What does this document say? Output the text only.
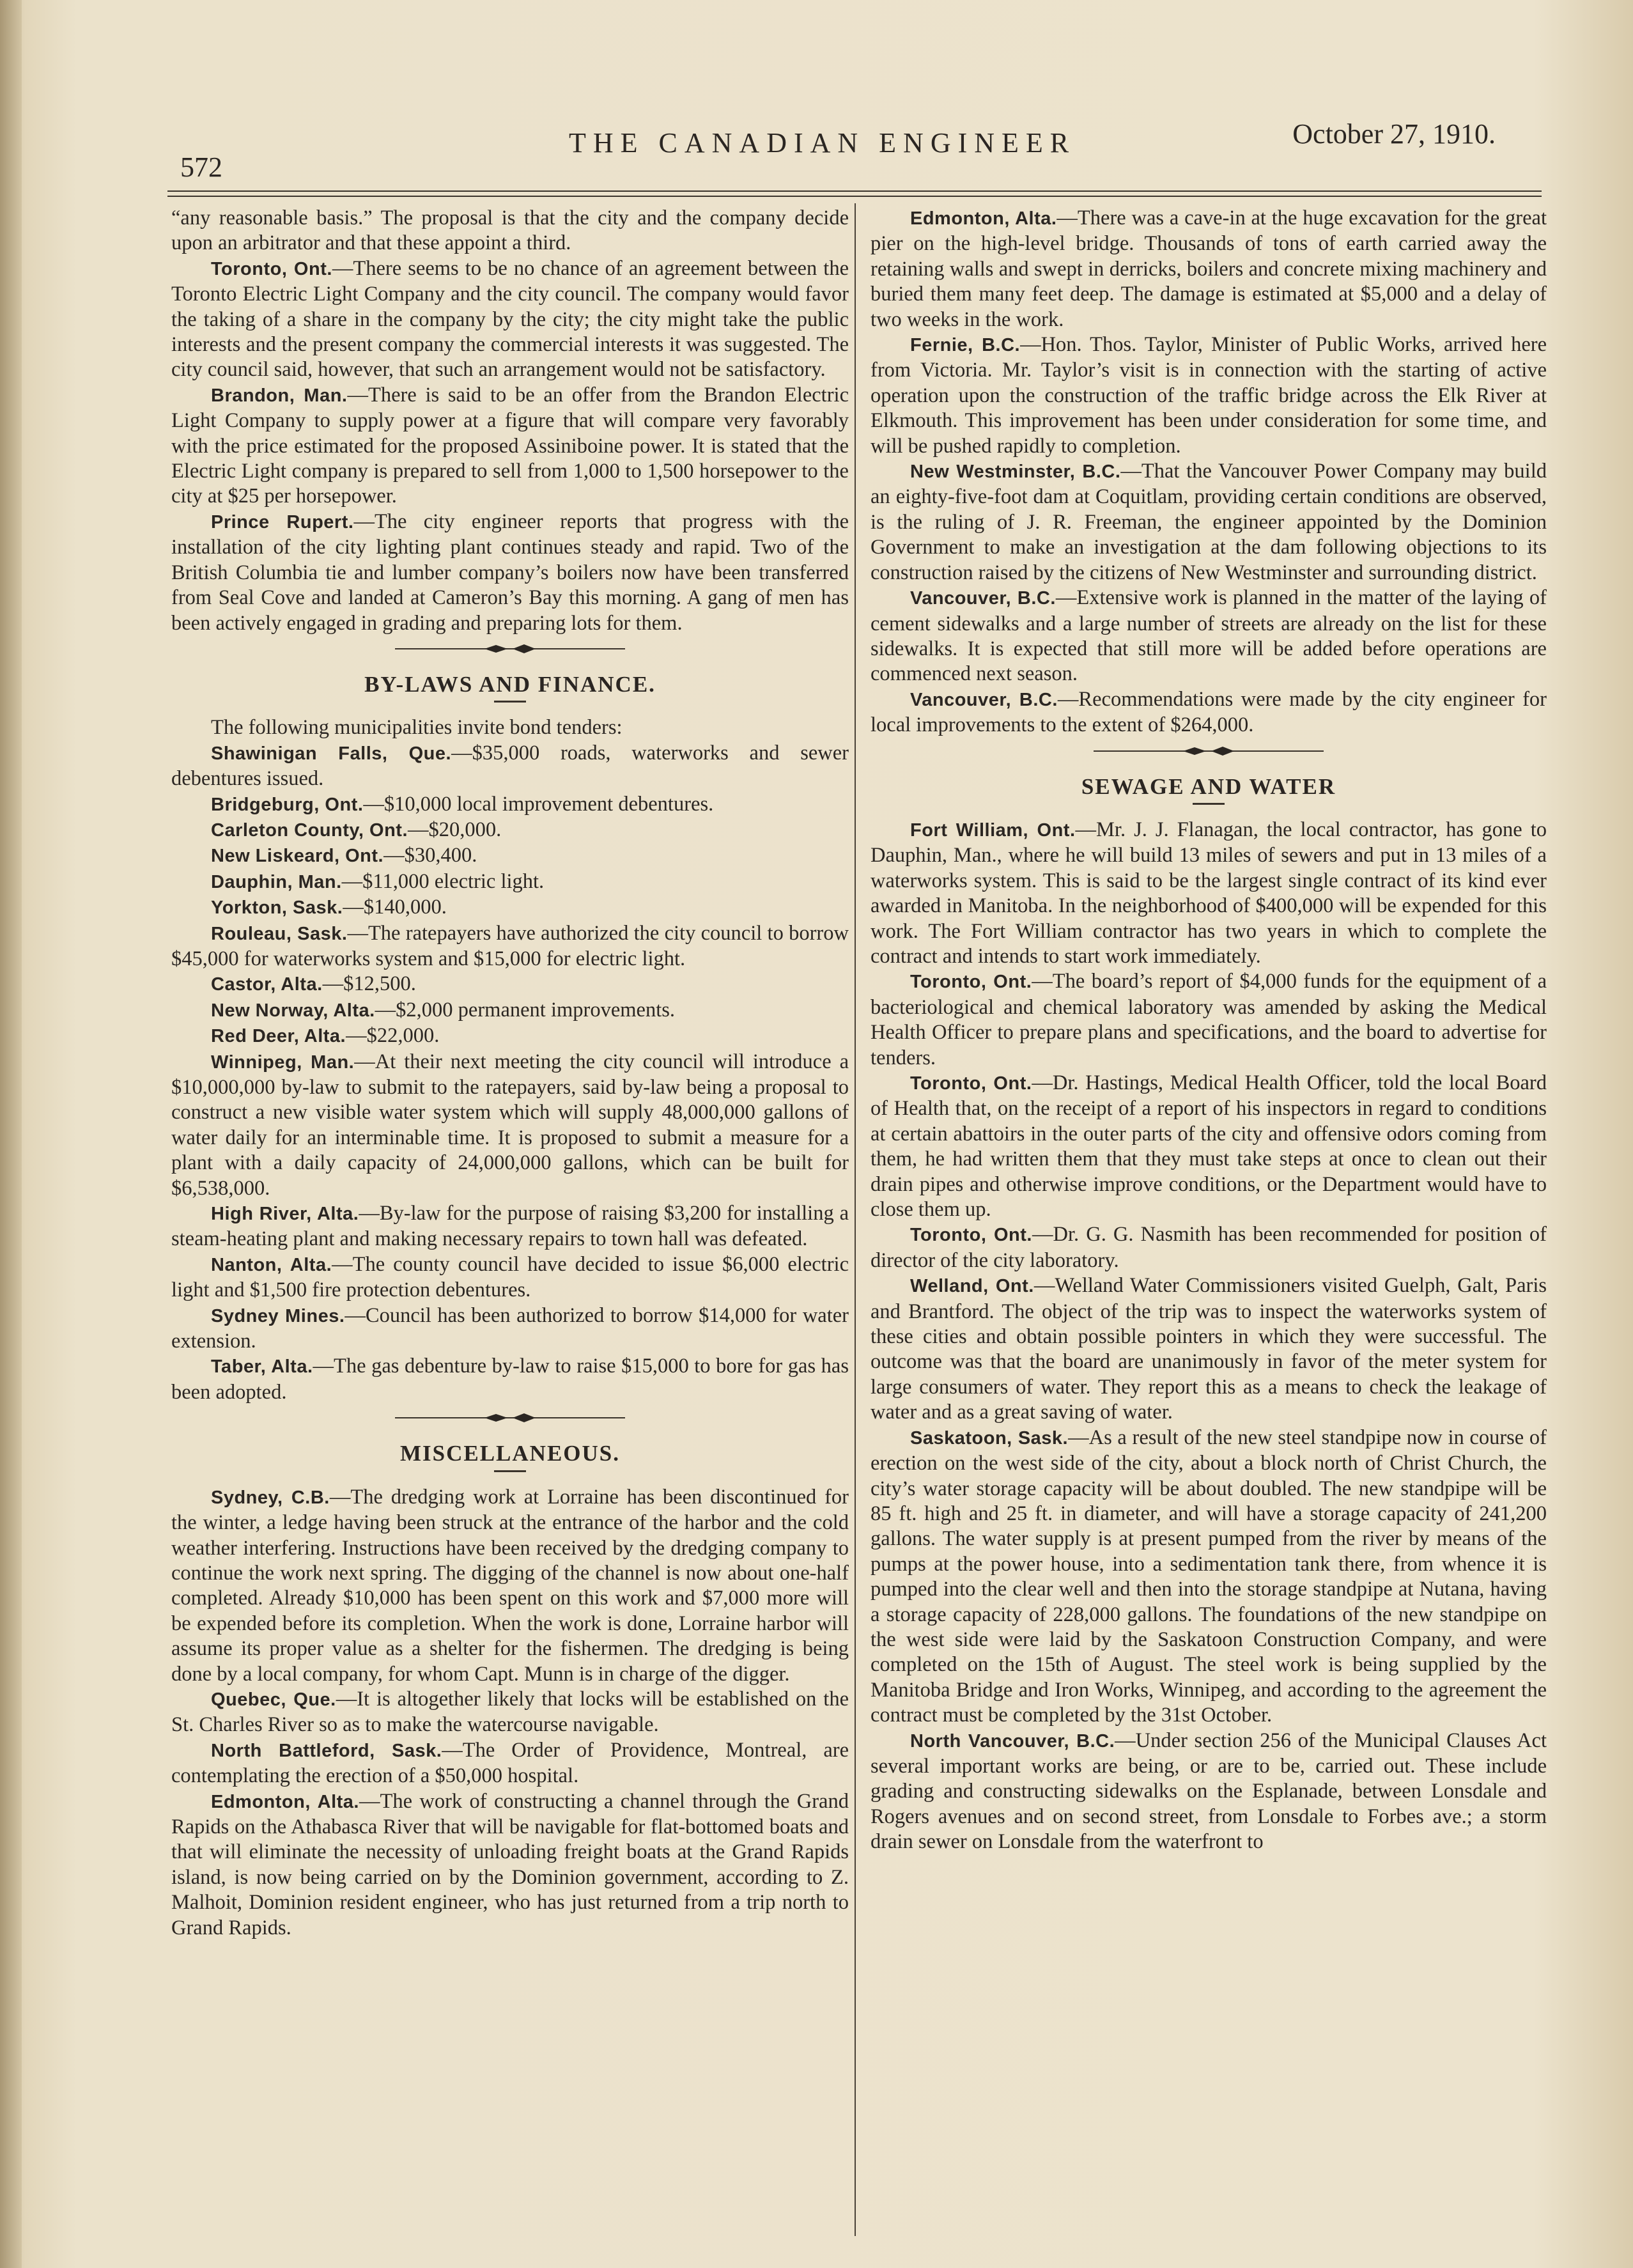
572
THE CANADIAN ENGINEER	October 27, 1910.

“any reasonable basis.” The proposal is that the city and the company decide upon an arbitrator and that these appoint a third.

Toronto, Ont.—There seems to be no chance of an agreement between the Toronto Electric Light Company and the city council. The company would favor the taking of a share in the company by the city; the city might take the public interests and the present company the commercial interests it was suggested. The city council said, however, that such an arrangement would not be satisfactory.

Brandon, Man.—There is said to be an offer from the Brandon Electric Light Company to supply power at a figure that will compare very favorably with the price estimated for the proposed Assiniboine power. It is stated that the Electric Light company is prepared to sell from 1,000 to 1,500 horsepower to the city at $25 per horsepower.

Prince Rupert.—The city engineer reports that progress with the installation of the city lighting plant continues steady and rapid. Two of the British Columbia tie and lumber company’s boilers now have been transferred from Seal Cove and landed at Cameron’s Bay this morning. A gang of men has been actively engaged in grading and preparing lots for them.

BY-LAWS AND FINANCE.

The following municipalities invite bond tenders:

Shawinigan Falls, Que.—$35,000 roads, waterworks and sewer debentures issued.

Bridgeburg, Ont.—$10,000 local improvement debentures.

Carleton County, Ont.—$20,000.

New Liskeard, Ont.—$30,400.

Dauphin, Man.—$11,000 electric light.

Yorkton, Sask.—$140,000.

Rouleau, Sask.—The ratepayers have authorized the city council to borrow $45,000 for waterworks system and $15,000 for electric light.

Castor, Alta.—$12,500.

New Norway, Alta.—$2,000 permanent improvements.

Red Deer, Alta.—$22,000.

Winnipeg, Man.—At their next meeting the city council will introduce a $10,000,000 by-law to submit to the ratepayers, said by-law being a proposal to construct a new visible water system which will supply 48,000,000 gallons of water daily for an interminable time. It is proposed to submit a measure for a plant with a daily capacity of 24,000,000 gallons, which can be built for $6,538,000.

High River, Alta.—By-law for the purpose of raising $3,200 for installing a steam-heating plant and making necessary repairs to town hall was defeated.

Nanton, Alta.—The county council have decided to issue $6,000 electric light and $1,500 fire protection debentures.

Sydney Mines.—Council has been authorized to borrow $14,000 for water extension.

Taber, Alta.—The gas debenture by-law to raise $15,000 to bore for gas has been adopted.

MISCELLANEOUS.

Sydney, C.B.—The dredging work at Lorraine has been discontinued for the winter, a ledge having been struck at the entrance of the harbor and the cold weather interfering. Instructions have been received by the dredging company to continue the work next spring. The digging of the channel is now about one-half completed. Already $10,000 has been spent on this work and $7,000 more will be expended before its completion. When the work is done, Lorraine harbor will assume its proper value as a shelter for the fishermen. The dredging is being done by a local company, for whom Capt. Munn is in charge of the digger.

Quebec, Que.—It is altogether likely that locks will be established on the St. Charles River so as to make the watercourse navigable.

North Battleford, Sask.—The Order of Providence, Montreal, are contemplating the erection of a $50,000 hospital.

Edmonton, Alta.—The work of constructing a channel through the Grand Rapids on the Athabasca River that will be navigable for flat-bottomed boats and that will eliminate the necessity of unloading freight boats at the Grand Rapids island, is now being carried on by the Dominion government, according to Z. Malhoit, Dominion resident engineer, who has just returned from a trip north to Grand Rapids.

Edmonton, Alta.—There was a cave-in at the huge excavation for the great pier on the high-level bridge. Thousands of tons of earth carried away the retaining walls and swept in derricks, boilers and concrete mixing machinery and buried them many feet deep. The damage is estimated at $5,000 and a delay of two weeks in the work.

Fernie, B.C.—Hon. Thos. Taylor, Minister of Public Works, arrived here from Victoria. Mr. Taylor’s visit is in connection with the starting of active operation upon the construction of the traffic bridge across the Elk River at Elkmouth. This improvement has been under consideration for some time, and will be pushed rapidly to completion.

New Westminster, B.C.—That the Vancouver Power Company may build an eighty-five-foot dam at Coquitlam, providing certain conditions are observed, is the ruling of J. R. Freeman, the engineer appointed by the Dominion Government to make an investigation at the dam following objections to its construction raised by the citizens of New Westminster and surrounding district.

Vancouver, B.C.—Extensive work is planned in the matter of the laying of cement sidewalks and a large number of streets are already on the list for these sidewalks. It is expected that still more will be added before operations are commenced next season.

Vancouver, B.C.—Recommendations were made by the city engineer for local improvements to the extent of $264,000.

SEWAGE AND WATER

Fort William, Ont.—Mr. J. J. Flanagan, the local contractor, has gone to Dauphin, Man., where he will build 13 miles of sewers and put in 13 miles of a waterworks system. This is said to be the largest single contract of its kind ever awarded in Manitoba. In the neighborhood of $400,000 will be expended for this work. The Fort William contractor has two years in which to complete the contract and intends to start work immediately.

Toronto, Ont.—The board’s report of $4,000 funds for the equipment of a bacteriological and chemical laboratory was amended by asking the Medical Health Officer to prepare plans and specifications, and the board to advertise for tenders.

Toronto, Ont.—Dr. Hastings, Medical Health Officer, told the local Board of Health that, on the receipt of a report of his inspectors in regard to conditions at certain abattoirs in the outer parts of the city and offensive odors coming from them, he had written them that they must take steps at once to clean out their drain pipes and otherwise improve conditions, or the Department would have to close them up.

Toronto, Ont.—Dr. G. G. Nasmith has been recommended for position of director of the city laboratory.

Welland, Ont.—Welland Water Commissioners visited Guelph, Galt, Paris and Brantford. The object of the trip was to inspect the waterworks system of these cities and obtain possible pointers in which they were successful. The outcome was that the board are unanimously in favor of the meter system for large consumers of water. They report this as a means to check the leakage of water and as a great saving of water.

Saskatoon, Sask.—As a result of the new steel standpipe now in course of erection on the west side of the city, about a block north of Christ Church, the city’s water storage capacity will be about doubled. The new standpipe will be 85 ft. high and 25 ft. in diameter, and will have a storage capacity of 241,200 gallons. The water supply is at present pumped from the river by means of the pumps at the power house, into a sedimentation tank there, from whence it is pumped into the clear well and then into the storage standpipe at Nutana, having a storage capacity of 228,000 gallons. The foundations of the new standpipe on the west side were laid by the Saskatoon Construction Company, and were completed on the 15th of August. The steel work is being supplied by the Manitoba Bridge and Iron Works, Winnipeg, and according to the agreement the contract must be completed by the 31st October.

North Vancouver, B.C.—Under section 256 of the Municipal Clauses Act several important works are being, or are to be, carried out. These include grading and constructing sidewalks on the Esplanade, between Lonsdale and Rogers avenues and on second street, from Lonsdale to Forbes ave.; a storm drain sewer on Lonsdale from the waterfront to
